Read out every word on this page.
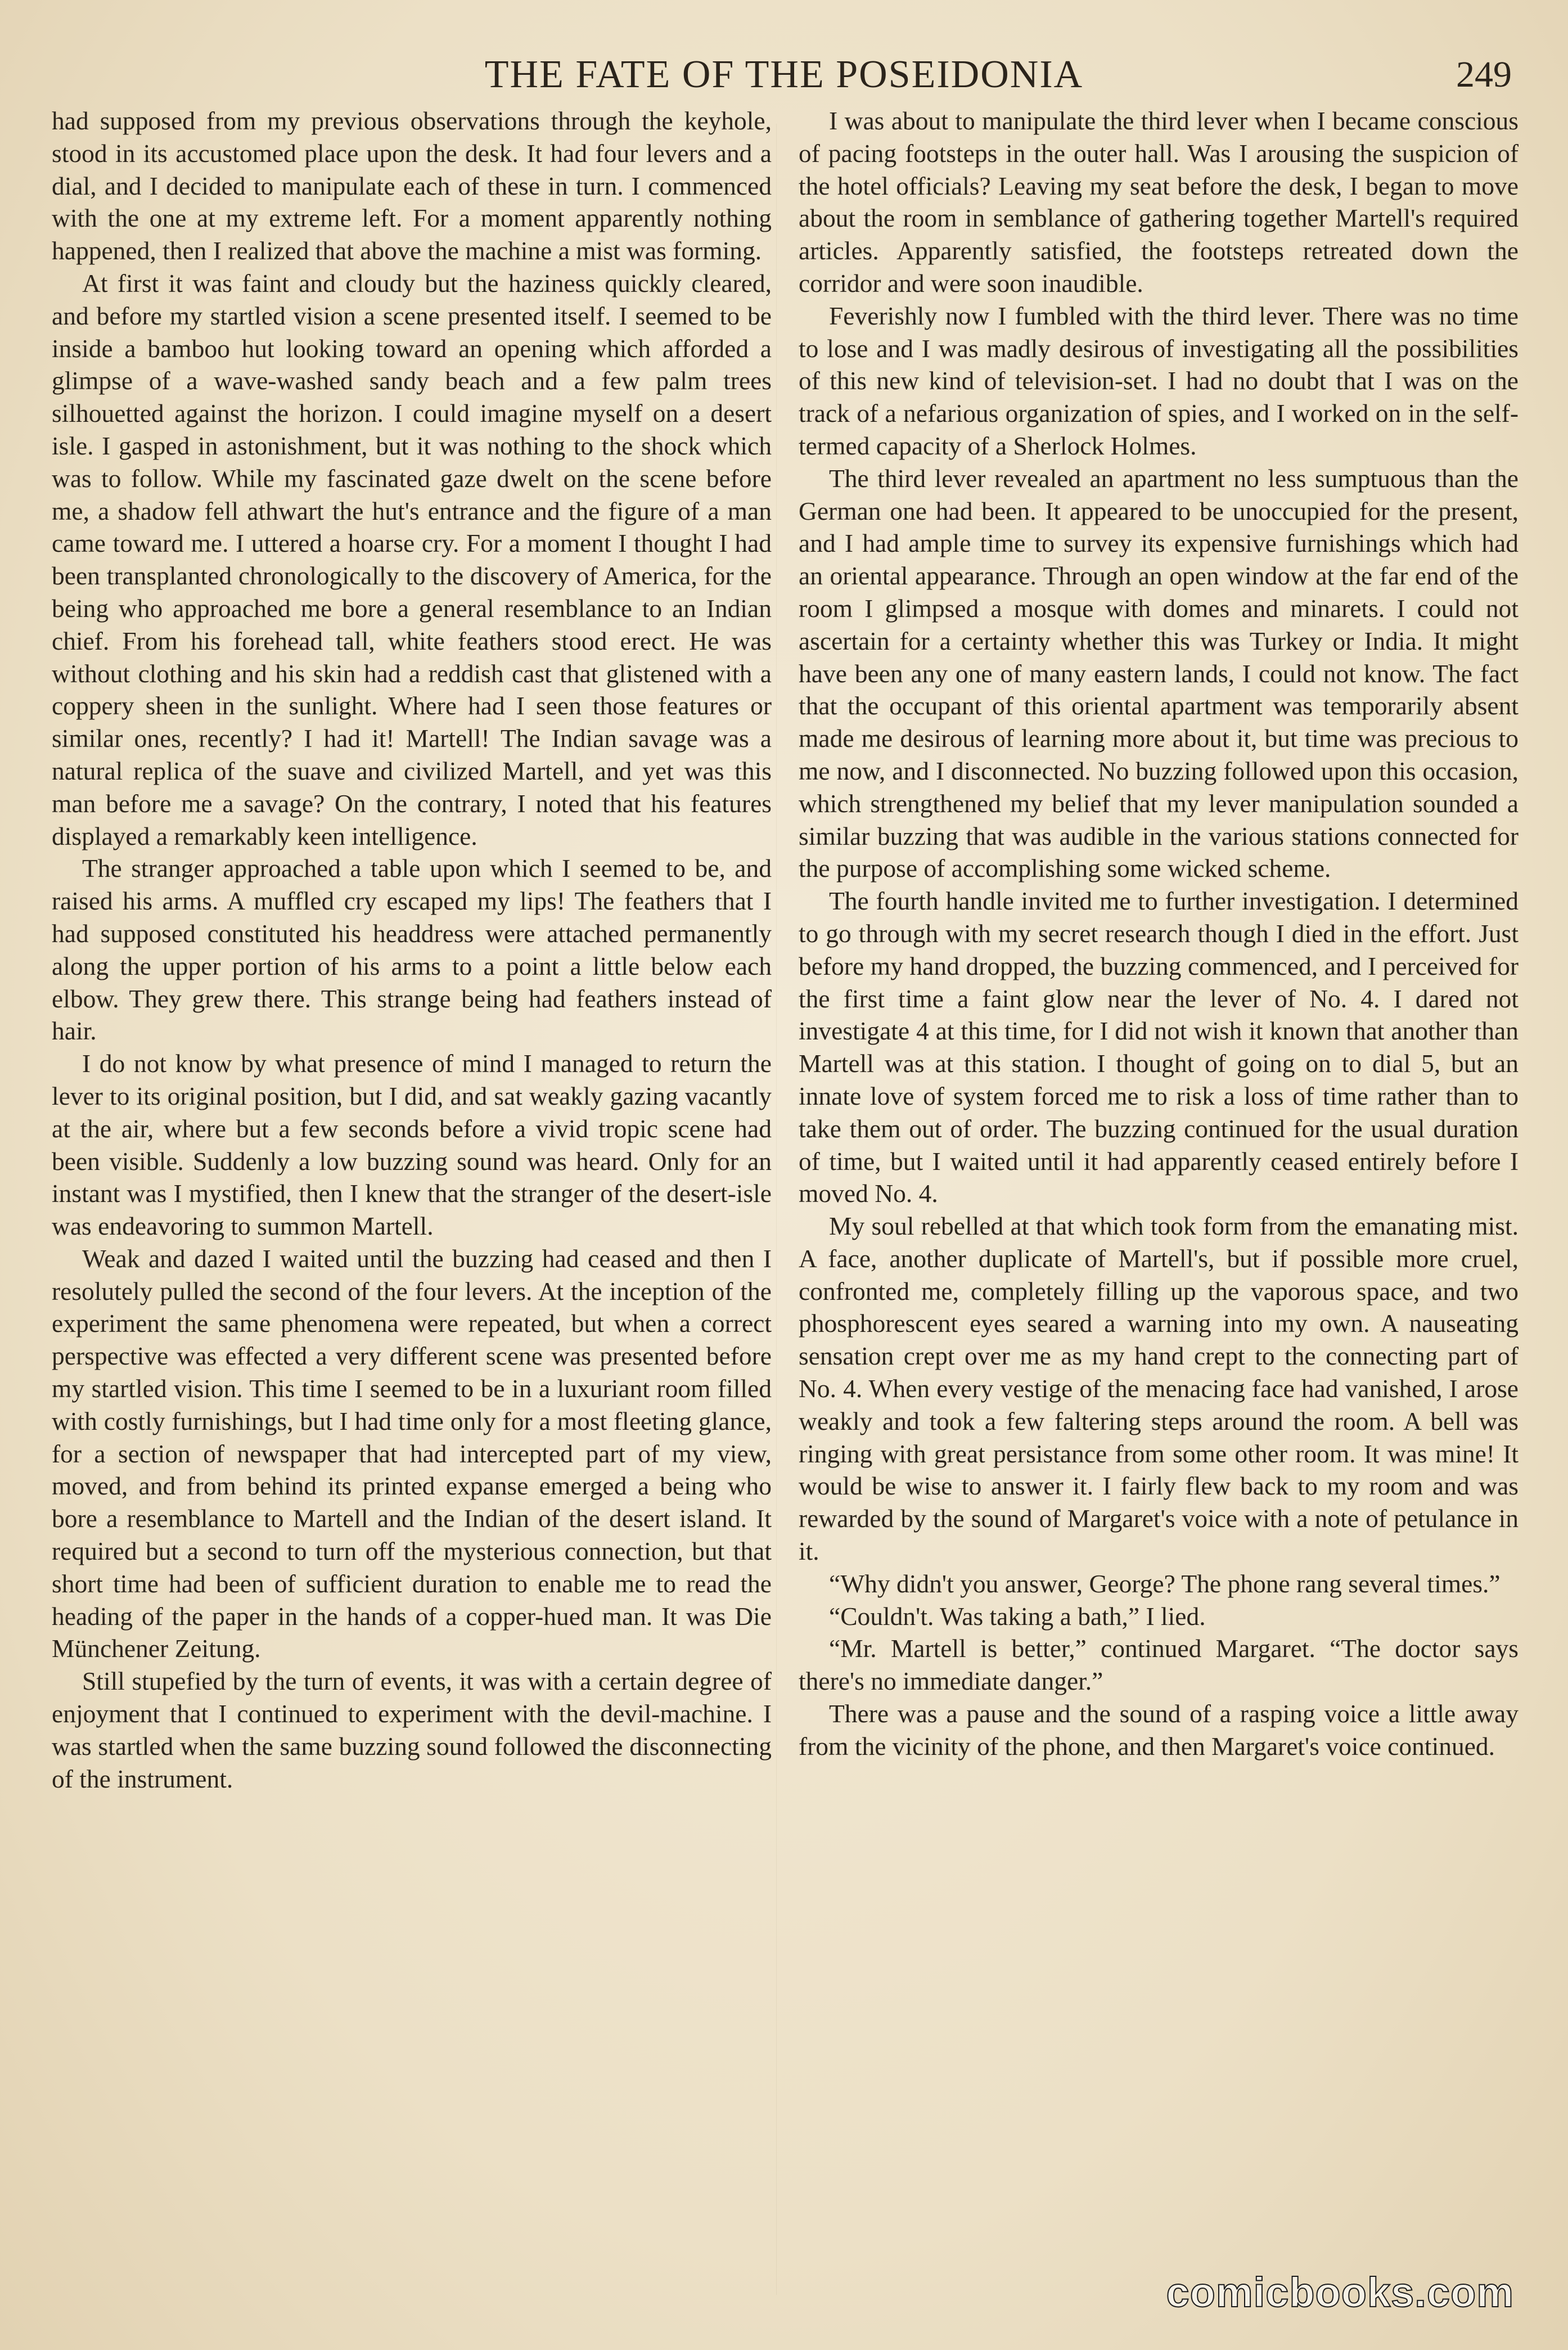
THE FATE OF THE POSEIDONIA	249

had supposed from my previous observations through the keyhole, stood in its accustomed place upon the desk. It had four levers and a dial, and I decided to manipulate each of these in turn. I commenced with the one at my extreme left. For a moment apparently nothing happened, then I realized that above the machine a mist was forming.

At first it was faint and cloudy but the haziness quickly cleared, and before my startled vision a scene presented itself. I seemed to be inside a bamboo hut looking toward an opening which afforded a glimpse of a wave-washed sandy beach and a few palm trees silhouetted against the horizon. I could imagine myself on a desert isle. I gasped in astonishment, but it was nothing to the shock which was to follow. While my fascinated gaze dwelt on the scene before me, a shadow fell athwart the hut's entrance and the figure of a man came toward me. I uttered a hoarse cry. For a moment I thought I had been transplanted chronologically to the discovery of America, for the being who approached me bore a general resemblance to an Indian chief. From his forehead tall, white feathers stood erect. He was without clothing and his skin had a reddish cast that glistened with a coppery sheen in the sunlight. Where had I seen those features or similar ones, recently? I had it! Martell! The Indian savage was a natural replica of the suave and civilized Martell, and yet was this man before me a savage? On the contrary, I noted that his features displayed a remarkably keen intelligence.

The stranger approached a table upon which I seemed to be, and raised his arms. A muffled cry escaped my lips! The feathers that I had supposed constituted his headdress were attached permanently along the upper portion of his arms to a point a little below each elbow. They grew there. This strange being had feathers instead of hair.

I do not know by what presence of mind I managed to return the lever to its original position, but I did, and sat weakly gazing vacantly at the air, where but a few seconds before a vivid tropic scene had been visible. Suddenly a low buzzing sound was heard. Only for an instant was I mystified, then I knew that the stranger of the desert-isle was endeavoring to summon Martell.

Weak and dazed I waited until the buzzing had ceased and then I resolutely pulled the second of the four levers. At the inception of the experiment the same phenomena were repeated, but when a correct perspective was effected a very different scene was presented before my startled vision. This time I seemed to be in a luxuriant room filled with costly furnishings, but I had time only for a most fleeting glance, for a section of newspaper that had intercepted part of my view, moved, and from behind its printed expanse emerged a being who bore a resemblance to Martell and the Indian of the desert island. It required but a second to turn off the mysterious connection, but that short time had been of sufficient duration to enable me to read the heading of the paper in the hands of a copper-hued man. It was Die Münchener Zeitung.

Still stupefied by the turn of events, it was with a certain degree of enjoyment that I continued to experiment with the devil-machine. I was startled when the same buzzing sound followed the disconnecting of the instrument.

I was about to manipulate the third lever when I became conscious of pacing footsteps in the outer hall. Was I arousing the suspicion of the hotel officials? Leaving my seat before the desk, I began to move about the room in semblance of gathering together Martell's required articles. Apparently satisfied, the footsteps retreated down the corridor and were soon inaudible.

Feverishly now I fumbled with the third lever. There was no time to lose and I was madly desirous of investigating all the possibilities of this new kind of television-set. I had no doubt that I was on the track of a nefarious organization of spies, and I worked on in the self-termed capacity of a Sherlock Holmes.

The third lever revealed an apartment no less sumptuous than the German one had been. It appeared to be unoccupied for the present, and I had ample time to survey its expensive furnishings which had an oriental appearance. Through an open window at the far end of the room I glimpsed a mosque with domes and minarets. I could not ascertain for a certainty whether this was Turkey or India. It might have been any one of many eastern lands, I could not know. The fact that the occupant of this oriental apartment was temporarily absent made me desirous of learning more about it, but time was precious to me now, and I disconnected. No buzzing followed upon this occasion, which strengthened my belief that my lever manipulation sounded a similar buzzing that was audible in the various stations connected for the purpose of accomplishing some wicked scheme.

The fourth handle invited me to further investigation. I determined to go through with my secret research though I died in the effort. Just before my hand dropped, the buzzing commenced, and I perceived for the first time a faint glow near the lever of No. 4. I dared not investigate 4 at this time, for I did not wish it known that another than Martell was at this station. I thought of going on to dial 5, but an innate love of system forced me to risk a loss of time rather than to take them out of order. The buzzing continued for the usual duration of time, but I waited until it had apparently ceased entirely before I moved No. 4.

My soul rebelled at that which took form from the emanating mist. A face, another duplicate of Martell's, but if possible more cruel, confronted me, completely filling up the vaporous space, and two phosphorescent eyes seared a warning into my own. A nauseating sensation crept over me as my hand crept to the connecting part of No. 4. When every vestige of the menacing face had vanished, I arose weakly and took a few faltering steps around the room. A bell was ringing with great persistance from some other room. It was mine! It would be wise to answer it. I fairly flew back to my room and was rewarded by the sound of Margaret's voice with a note of petulance in it.

“Why didn't you answer, George? The phone rang several times.”

“Couldn't. Was taking a bath,” I lied.

“Mr. Martell is better,” continued Margaret. “The doctor says there's no immediate danger.”

There was a pause and the sound of a rasping voice a little away from the vicinity of the phone, and then Margaret's voice continued.

comicbooks.com
